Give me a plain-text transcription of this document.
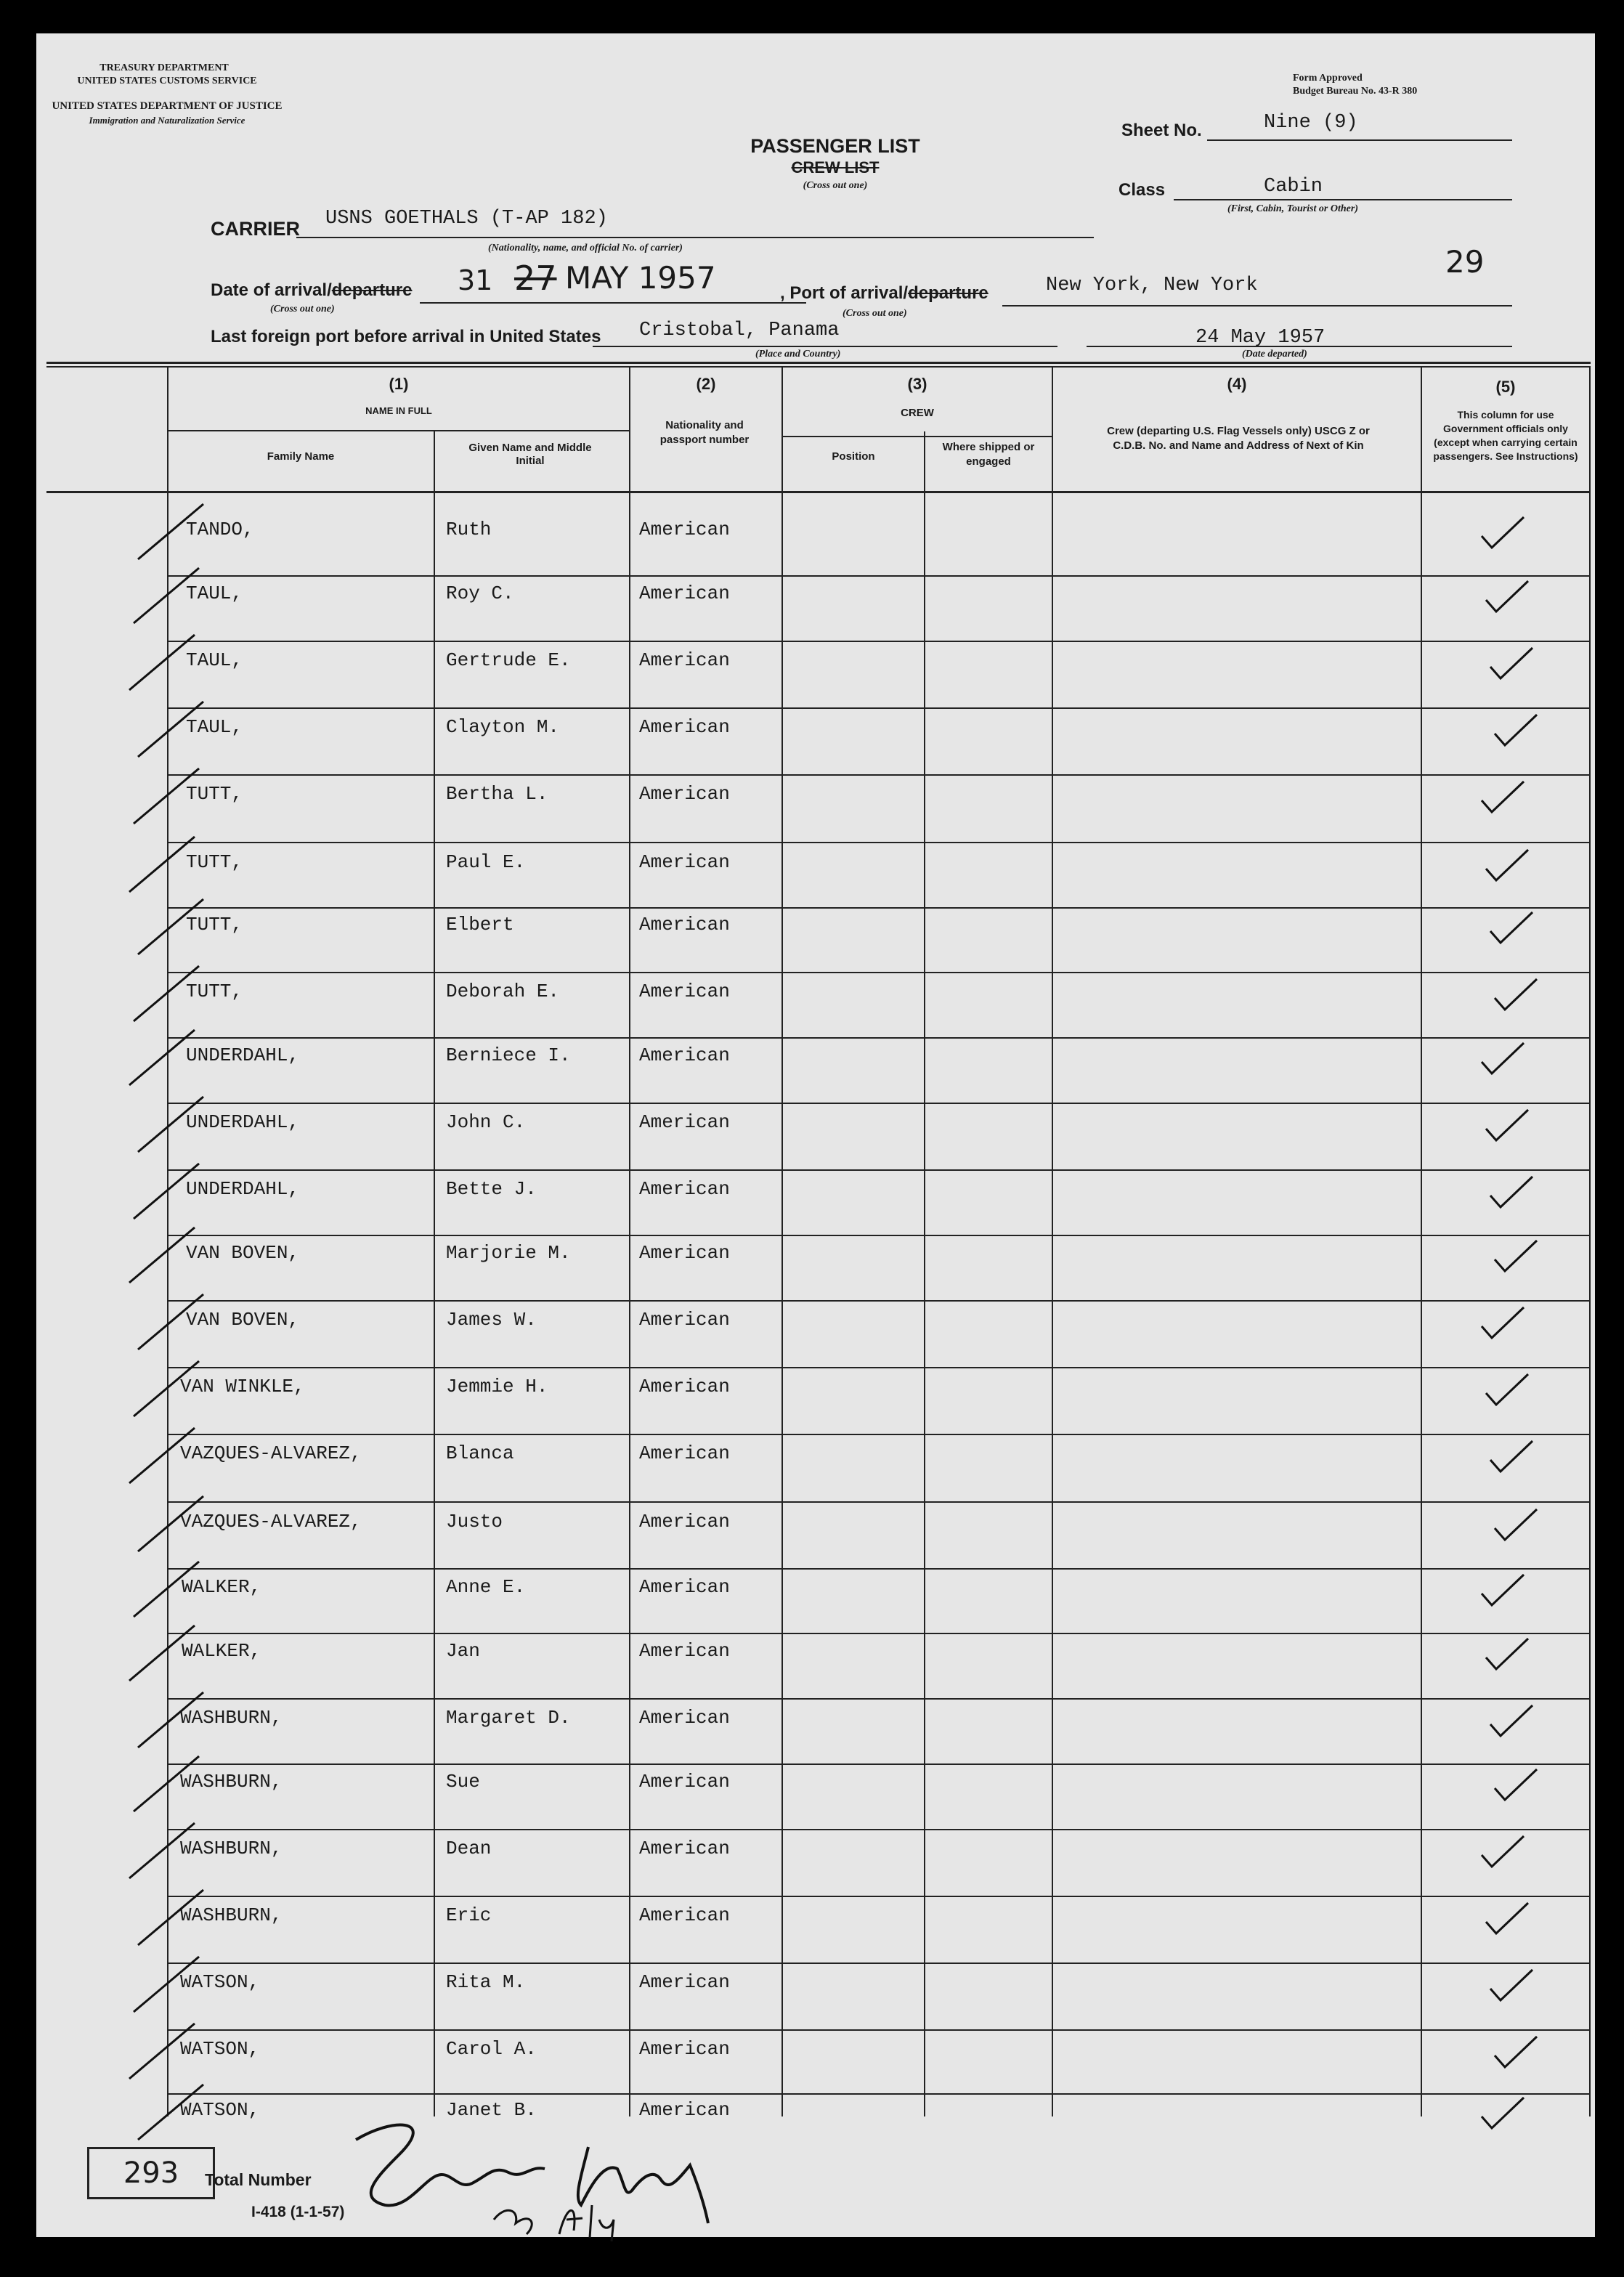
TREASURY DEPARTMENT
UNITED STATES CUSTOMS SERVICE
UNITED STATES DEPARTMENT OF JUSTICE
Immigration and Naturalization Service
Form Approved
Budget Bureau No. 43-R 380
PASSENGER LIST
CREW LIST
(Cross out one)
Sheet No.	Nine (9)
Class	Cabin
(First, Cabin, Tourist or Other)
CARRIER USNS GOETHALS (T-AP 182)
(Nationality, name, and official No. of carrier)	29
Date of arrival/departure
(Cross out one)
31 27 MAY 1957	, Port of arrival/departure
(Cross out one)
New York, New York
Last foreign port before arrival in United States Cristobal, Panama
(Place and Country)
24 May 1957
(Date departed)
(1)
NAME IN FULL
Family Name
Given Name and Middle Initial
(2)
Nationality and passport number
(3)
CREW
Position
Where shipped or engaged
(4)
Crew (departing U.S. Flag Vessels only) USCG Z or C.D.B. No. and Name and Address of Next of Kin
(5)
This column for use Government officials only (except when carrying certain passengers. See Instructions)
TANDO,	Ruth	American
TAUL,	Roy C.	American
TAUL,	Gertrude E.	American
TAUL,	Clayton M.	American
TUTT,	Bertha L.	American
TUTT,	Paul E.	American
TUTT,	Elbert	American
TUTT,	Deborah E.	American
UNDERDAHL,	Berniece I.	American
UNDERDAHL,	John C.	American
UNDERDAHL,	Bette J.	American
VAN BOVEN,	Marjorie M.	American
VAN BOVEN,	James W.	American
VAN WINKLE,	Jemmie H.	American
VAZQUES-ALVAREZ,	Blanca	American
VAZQUES-ALVAREZ,	Justo	American
WALKER,	Anne E.	American
WALKER,	Jan	American
WASHBURN,	Margaret D.	American
WASHBURN,	Sue	American
WASHBURN,	Dean	American
WASHBURN,	Eric	American
WATSON,	Rita M.	American
WATSON,	Carol A.	American
WATSON,	Janet B.	American
293	Total Number
I-418 (1-1-57)
